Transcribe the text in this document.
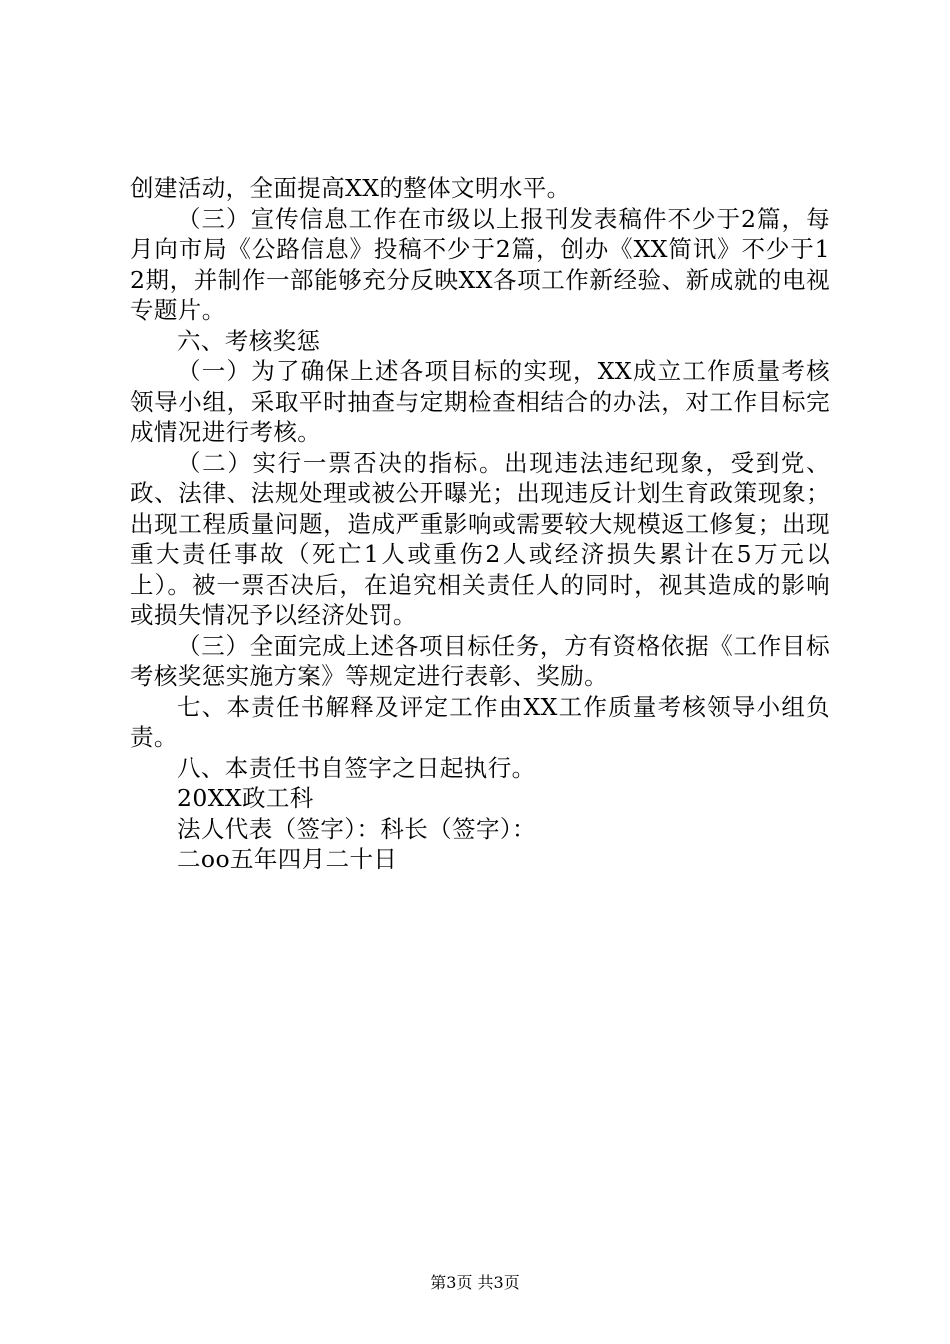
创建活动，全面提高XX的整体文明水平。

（三）宣传信息工作在市级以上报刊发表稿件不少于2篇，每月向市局《公路信息》投稿不少于2篇，创办《XX简讯》不少于12期，并制作一部能够充分反映XX各项工作新经验、新成就的电视专题片。

六、考核奖惩

（一）为了确保上述各项目标的实现，XX成立工作质量考核领导小组，采取平时抽查与定期检查相结合的办法，对工作目标完成情况进行考核。

（二）实行一票否决的指标。出现违法违纪现象，受到党、政、法律、法规处理或被公开曝光；出现违反计划生育政策现象；出现工程质量问题，造成严重影响或需要较大规模返工修复；出现重大责任事故（死亡1人或重伤2人或经济损失累计在5万元以上）。被一票否决后，在追究相关责任人的同时，视其造成的影响或损失情况予以经济处罚。

（三）全面完成上述各项目标任务，方有资格依据《工作目标考核奖惩实施方案》等规定进行表彰、奖励。

七、本责任书解释及评定工作由XX工作质量考核领导小组负责。

八、本责任书自签字之日起执行。

20XX政工科

法人代表（签字）：科长（签字）：

二oo五年四月二十日

第3页 共3页
